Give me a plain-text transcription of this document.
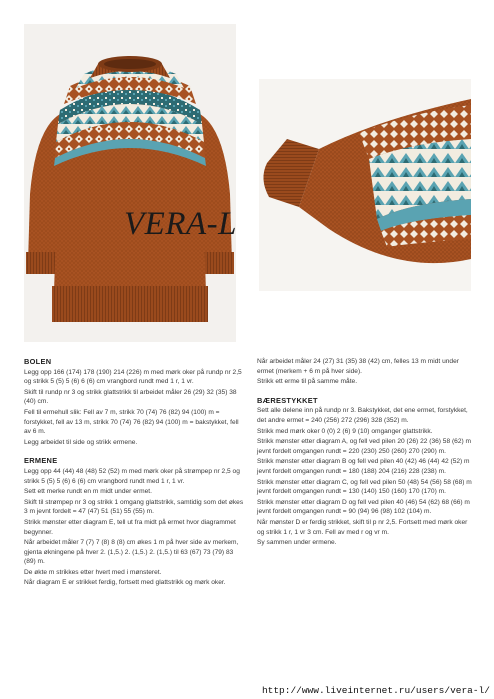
VERA-L
BOLEN
Legg opp 166 (174) 178 (190) 214 (226) m med mørk oker på rundp nr 2,5 og strikk 5 (5) 5 (6) 6 (6) cm vrangbord rundt med 1 r, 1 vr.
Skift til rundp nr 3 og strikk glattstrikk til arbeidet måler 26 (29) 32 (35) 38 (40) cm.
Fell til ermehull slik: Fell av 7 m, strikk 70 (74) 76 (82) 94 (100) m = forstykket, fell av 13 m, strikk 70 (74) 76 (82) 94 (100) m = bakstykket, fell av 6 m.
Legg arbeidet til side og strikk ermene.
ERMENE
Legg opp 44 (44) 48 (48) 52 (52) m med mørk oker på strømpep nr 2,5 og strikk 5 (5) 5 (6) 6 (6) cm vrangbord rundt med 1 r, 1 vr.
Sett ett merke rundt en m midt under ermet.
Skift til strømpep nr 3 og strikk 1 omgang glattstrikk, samtidig som det økes 3 m jevnt fordelt = 47 (47) 51 (51) 55 (55) m.
Strikk mønster etter diagram E, tell ut fra midt på ermet hvor diagrammet begynner.
Når arbeidet måler 7 (7) 7 (8) 8 (8) cm økes 1 m på hver side av merkem, gjenta økningene på hver 2. (1,5.) 2. (1,5.) 2. (1,5.) til 63 (67) 73 (79) 83 (89) m.
De økte m strikkes etter hvert med i mønsteret.
Når diagram E er strikket ferdig, fortsett med glattstrikk og mørk oker.
Når arbeidet måler 24 (27) 31 (35) 38 (42) cm, felles 13 m midt under ermet (merkem + 6 m på hver side).
Strikk ett erme til på samme måte.
BÆRESTYKKET
Sett alle delene inn på rundp nr 3. Bakstykket, det ene ermet, forstykket, det andre ermet = 240 (256) 272 (296) 328 (352) m.
Strikk med mørk oker 0 (0) 2 (6) 9 (10) omganger glattstrikk.
Strikk mønster etter diagram A, og fell ved pilen 20 (26) 22 (36) 58 (62) m jevnt fordelt omgangen rundt = 220 (230) 250 (260) 270 (290) m.
Strikk mønster etter diagram B og fell ved pilen 40 (42) 46 (44) 42 (52) m jevnt fordelt omgangen rundt = 180 (188) 204 (216) 228 (238) m.
Strikk mønster etter diagram C, og fell ved pilen 50 (48) 54 (56) 58 (68) m jevnt fordelt omgangen rundt = 130 (140) 150 (160) 170 (170) m.
Strikk mønster etter diagram D og fell ved pilen 40 (46) 54 (62) 68 (66) m jevnt fordelt omgangen rundt = 90 (94) 96 (98) 102 (104) m.
Når mønster D er ferdig strikket, skift til p nr 2,5. Fortsett med mørk oker og strikk 1 r, 1 vr 3 cm. Fell av med r og vr m.
Sy sammen under ermene.
http://www.liveinternet.ru/users/vera-l/
